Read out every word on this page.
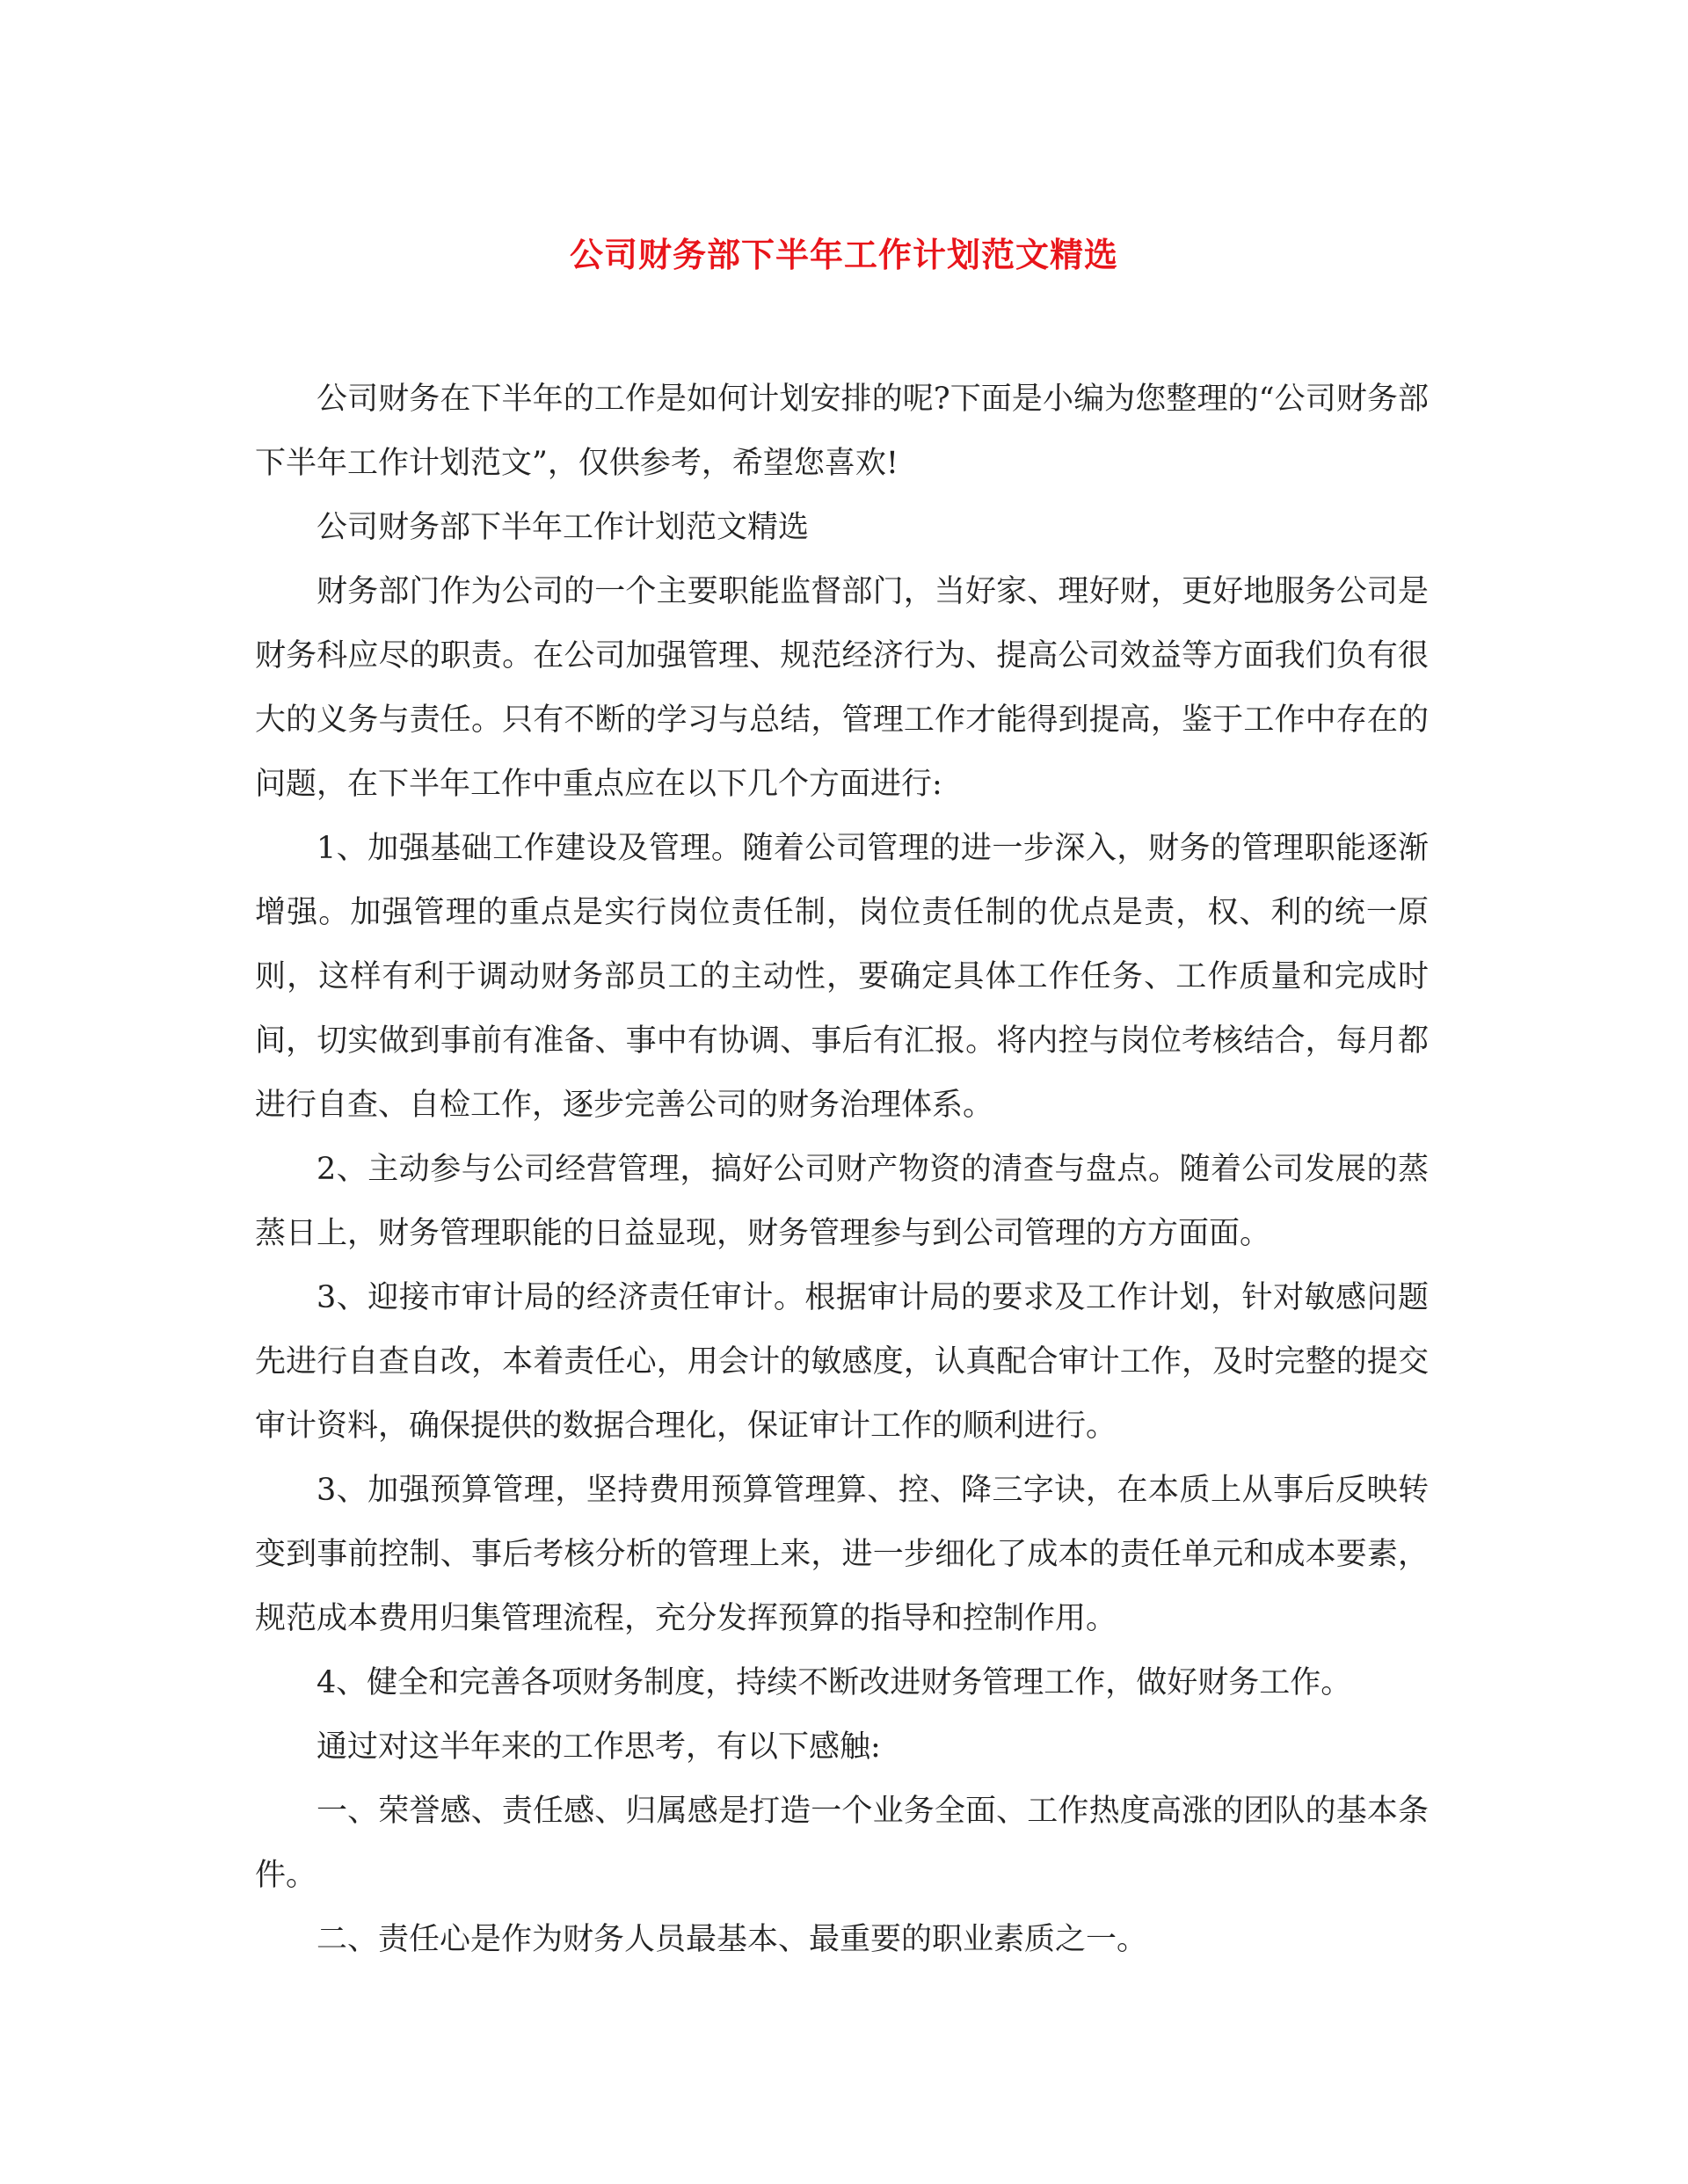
公司财务部下半年工作计划范文精选

公司财务在下半年的工作是如何计划安排的呢?下面是小编为您整理的“公司财务部下半年工作计划范文”，仅供参考，希望您喜欢!

公司财务部下半年工作计划范文精选

财务部门作为公司的一个主要职能监督部门，当好家、理好财，更好地服务公司是财务科应尽的职责。在公司加强管理、规范经济行为、提高公司效益等方面我们负有很大的义务与责任。只有不断的学习与总结，管理工作才能得到提高，鉴于工作中存在的问题，在下半年工作中重点应在以下几个方面进行:

1、加强基础工作建设及管理。随着公司管理的进一步深入，财务的管理职能逐渐增强。加强管理的重点是实行岗位责任制，岗位责任制的优点是责，权、利的统一原则，这样有利于调动财务部员工的主动性，要确定具体工作任务、工作质量和完成时间，切实做到事前有准备、事中有协调、事后有汇报。将内控与岗位考核结合，每月都进行自查、自检工作，逐步完善公司的财务治理体系。

2、主动参与公司经营管理，搞好公司财产物资的清查与盘点。随着公司发展的蒸蒸日上，财务管理职能的日益显现，财务管理参与到公司管理的方方面面。

3、迎接市审计局的经济责任审计。根据审计局的要求及工作计划，针对敏感问题先进行自查自改，本着责任心，用会计的敏感度，认真配合审计工作，及时完整的提交审计资料，确保提供的数据合理化，保证审计工作的顺利进行。

3、加强预算管理，坚持费用预算管理算、控、降三字诀，在本质上从事后反映转变到事前控制、事后考核分析的管理上来，进一步细化了成本的责任单元和成本要素，规范成本费用归集管理流程，充分发挥预算的指导和控制作用。

4、健全和完善各项财务制度，持续不断改进财务管理工作，做好财务工作。

通过对这半年来的工作思考，有以下感触:

一、荣誉感、责任感、归属感是打造一个业务全面、工作热度高涨的团队的基本条件。

二、责任心是作为财务人员最基本、最重要的职业素质之一。
